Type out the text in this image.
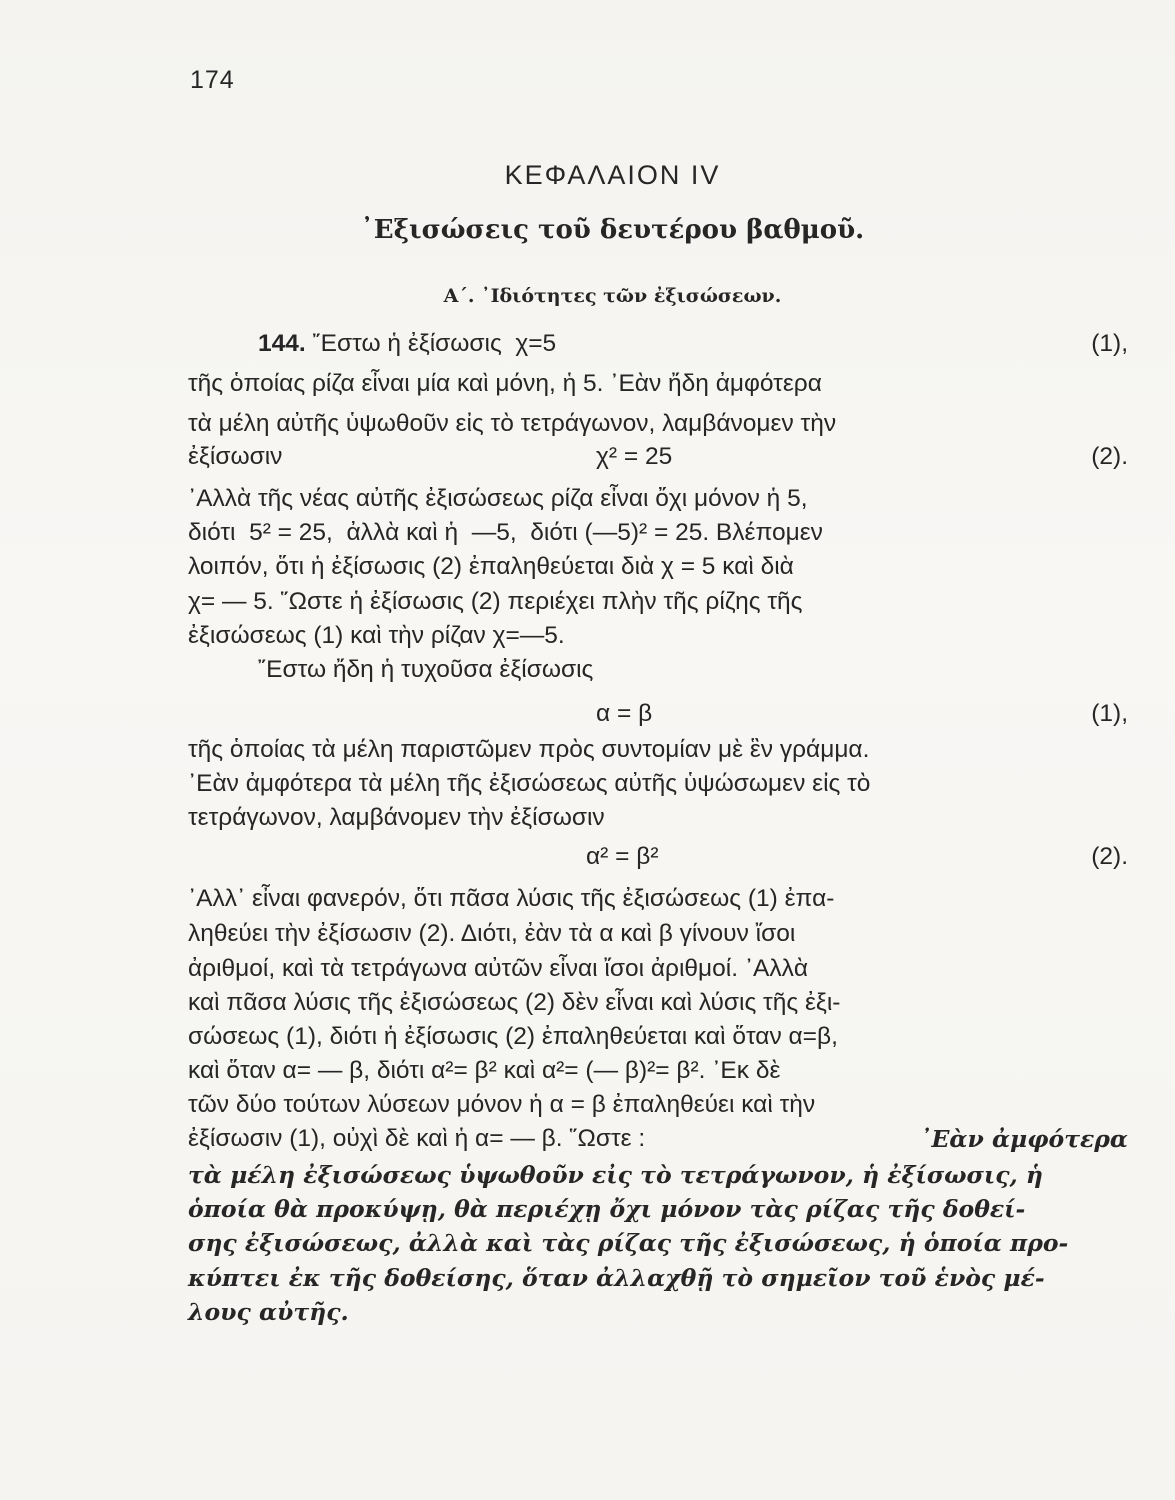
174
ΚΕΦΑΛΑΙΟΝ IV
᾽Εξισώσεις τοῦ δευτέρου βαθμοῦ.
Α΄. ᾽Ιδιότητες τῶν ἐξισώσεων.
144. ῎Εστω ἡ ἐξίσωσις  χ=5	(1),
τῆς ὁποίας ρίζα εἶναι μία καὶ μόνη, ἡ 5. ᾽Εὰν ἤδη ἀμφότερα
τὰ μέλη αὐτῆς ὑψωθοῦν εἰς τὸ τετράγωνον, λαμβάνομεν τὴν
ἐξίσωσιν	χ² = 25	(2).
᾽Αλλὰ τῆς νέας αὐτῆς ἐξισώσεως ρίζα εἶναι ὄχι μόνον ἡ 5,
διότι  5² = 25,  ἀλλὰ καὶ ἡ  —5,  διότι (—5)² = 25. Βλέπομεν
λοιπόν, ὅτι ἡ ἐξίσωσις (2) ἐπαληθεύεται διὰ χ = 5 καὶ διὰ
χ= — 5. ῞Ωστε ἡ ἐξίσωσις (2) περιέχει πλὴν τῆς ρίζης τῆς
ἐξισώσεως (1) καὶ τὴν ρίζαν χ=—5.
῎Εστω ἤδη ἡ τυχοῦσα ἐξίσωσις
α = β	(1),
τῆς ὁποίας τὰ μέλη παριστῶμεν πρὸς συντομίαν μὲ ἓν γράμμα.
᾽Εὰν ἀμφότερα τὰ μέλη τῆς ἐξισώσεως αὐτῆς ὑψώσωμεν εἰς τὸ
τετράγωνον, λαμβάνομεν τὴν ἐξίσωσιν
α² = β²	(2).
᾽Αλλ᾽ εἶναι φανερόν, ὅτι πᾶσα λύσις τῆς ἐξισώσεως (1) ἐπα-
ληθεύει τὴν ἐξίσωσιν (2). Διότι, ἐὰν τὰ α καὶ β γίνουν ἴσοι
ἀριθμοί, καὶ τὰ τετράγωνα αὐτῶν εἶναι ἴσοι ἀριθμοί. ᾽Αλλὰ
καὶ πᾶσα λύσις τῆς ἐξισώσεως (2) δὲν εἶναι καὶ λύσις τῆς ἐξι-
σώσεως (1), διότι ἡ ἐξίσωσις (2) ἐπαληθεύεται καὶ ὅταν α=β,
καὶ ὅταν α= — β, διότι α²= β² καὶ α²= (— β)²= β². ᾽Εκ δὲ
τῶν δύο τούτων λύσεων μόνον ἡ α = β ἐπαληθεύει καὶ τὴν
ἐξίσωσιν (1), οὐχὶ δὲ καὶ ἡ α= — β. ῞Ωστε :	᾽Εὰν ἀμφότερα
τὰ μέλη ἐξισώσεως ὑψωθοῦν εἰς τὸ τετράγωνον, ἡ ἐξίσωσις, ἡ
ὁποία θὰ προκύψῃ, θὰ περιέχῃ ὄχι μόνον τὰς ρίζας τῆς δοθεί-
σης ἐξισώσεως, ἀλλὰ καὶ τὰς ρίζας τῆς ἐξισώσεως, ἡ ὁποία προ-
κύπτει ἐκ τῆς δοθείσης, ὅταν ἀλλαχθῇ τὸ σημεῖον τοῦ ἑνὸς μέ-
λους αὐτῆς.
